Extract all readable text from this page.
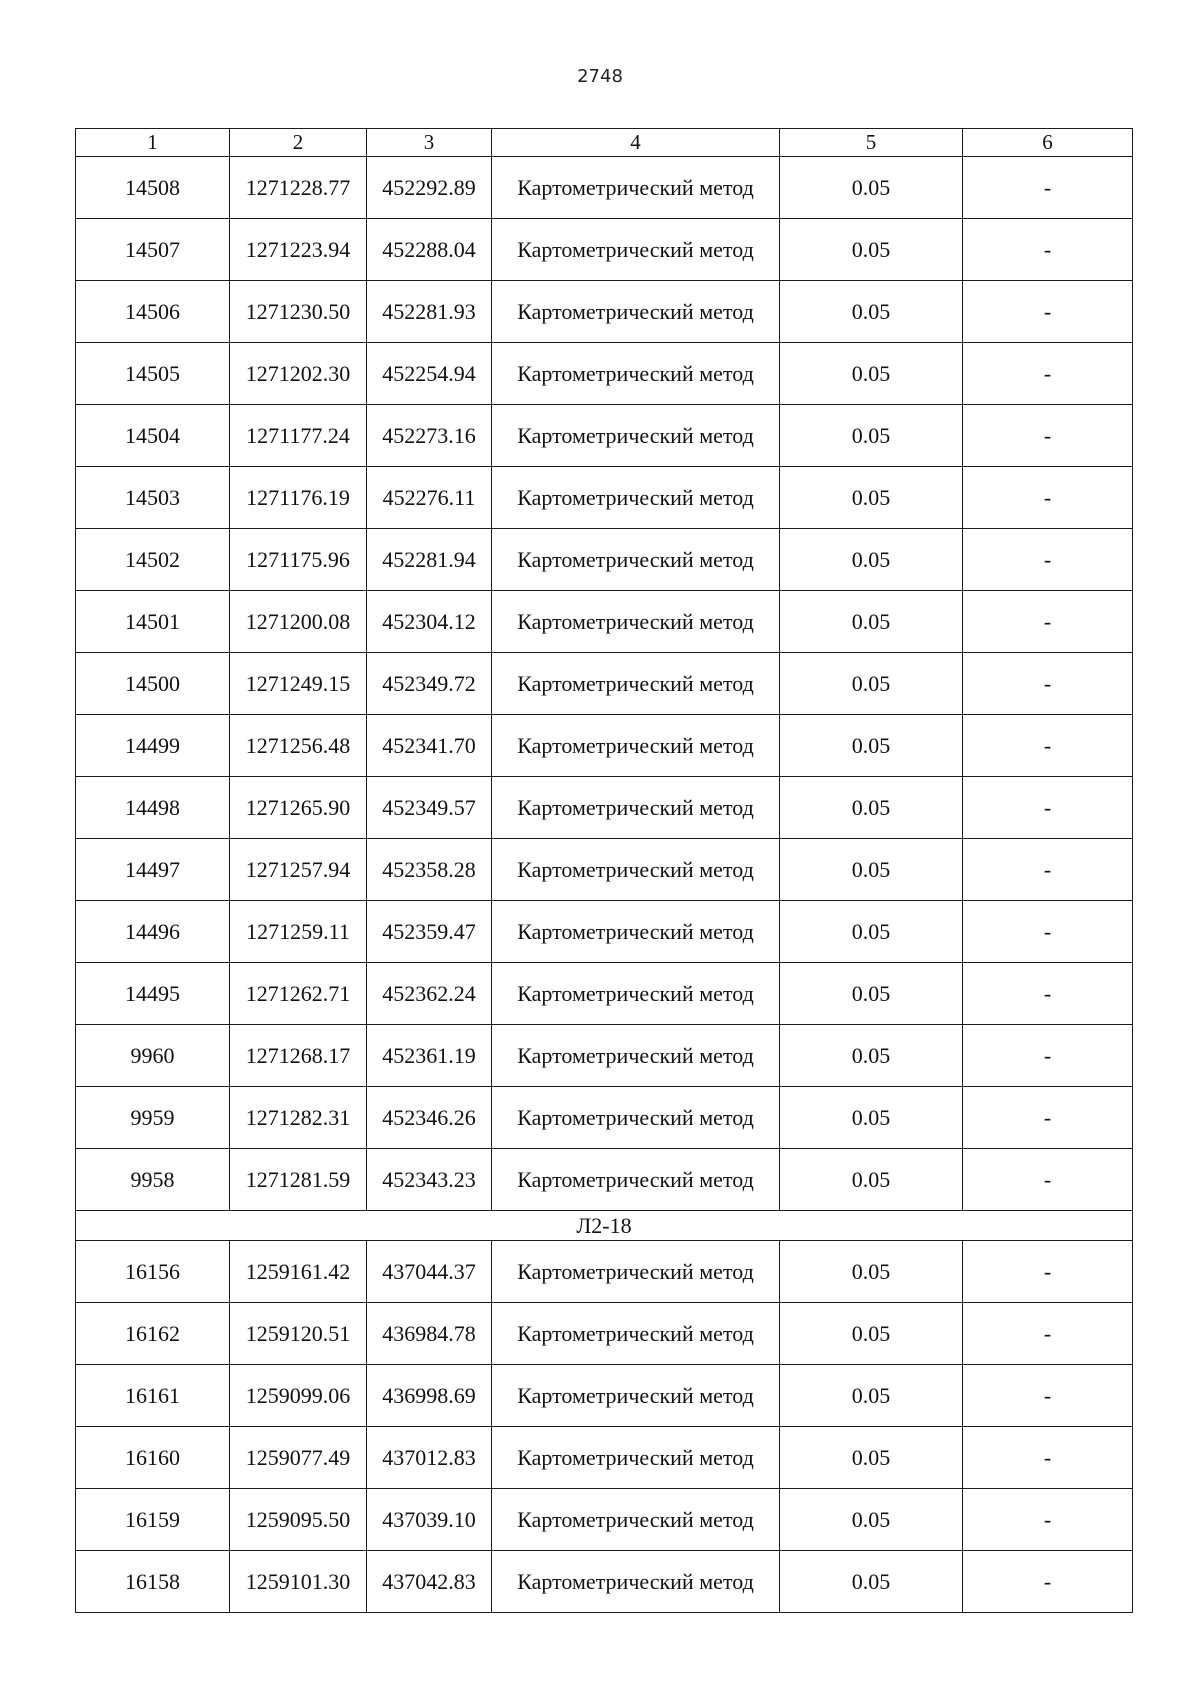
2748
1	2	3	4	5	6
14508	1271228.77	452292.89	Картометрический метод	0.05	-
14507	1271223.94	452288.04	Картометрический метод	0.05	-
14506	1271230.50	452281.93	Картометрический метод	0.05	-
14505	1271202.30	452254.94	Картометрический метод	0.05	-
14504	1271177.24	452273.16	Картометрический метод	0.05	-
14503	1271176.19	452276.11	Картометрический метод	0.05	-
14502	1271175.96	452281.94	Картометрический метод	0.05	-
14501	1271200.08	452304.12	Картометрический метод	0.05	-
14500	1271249.15	452349.72	Картометрический метод	0.05	-
14499	1271256.48	452341.70	Картометрический метод	0.05	-
14498	1271265.90	452349.57	Картометрический метод	0.05	-
14497	1271257.94	452358.28	Картометрический метод	0.05	-
14496	1271259.11	452359.47	Картометрический метод	0.05	-
14495	1271262.71	452362.24	Картометрический метод	0.05	-
9960	1271268.17	452361.19	Картометрический метод	0.05	-
9959	1271282.31	452346.26	Картометрический метод	0.05	-
9958	1271281.59	452343.23	Картометрический метод	0.05	-
Л2-18					
16156	1259161.42	437044.37	Картометрический метод	0.05	-
16162	1259120.51	436984.78	Картометрический метод	0.05	-
16161	1259099.06	436998.69	Картометрический метод	0.05	-
16160	1259077.49	437012.83	Картометрический метод	0.05	-
16159	1259095.50	437039.10	Картометрический метод	0.05	-
16158	1259101.30	437042.83	Картометрический метод	0.05	-
